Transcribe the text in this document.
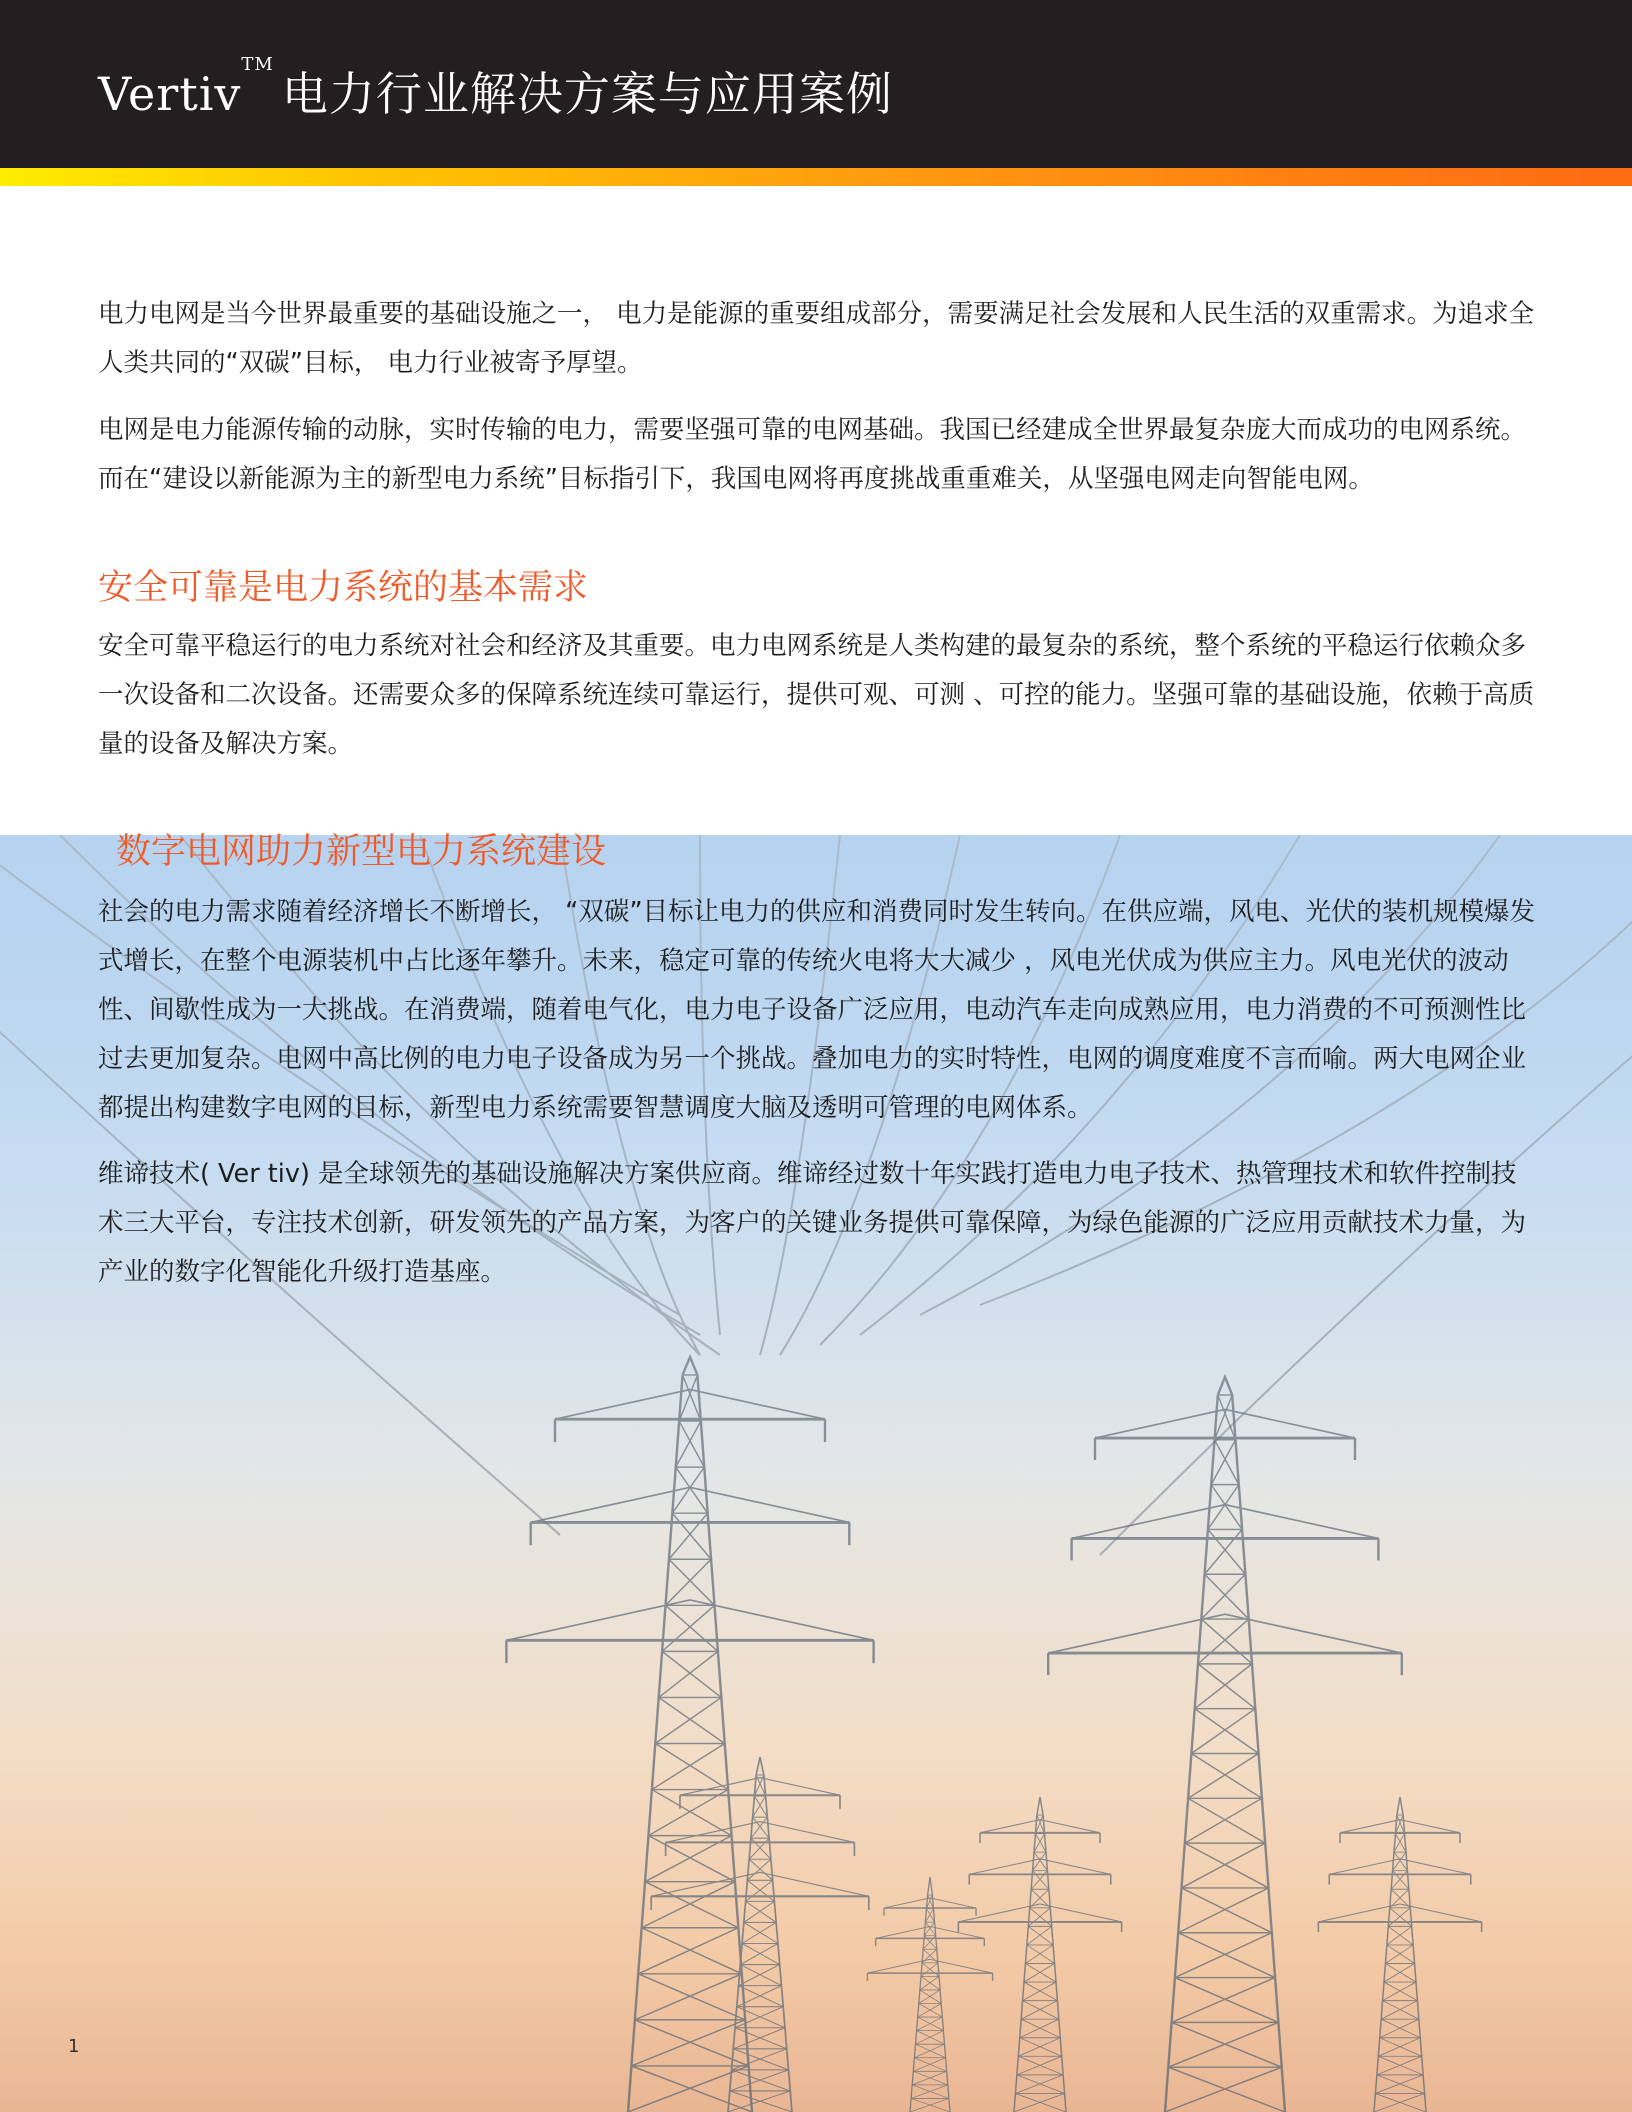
Vertiv™电力行业解决方案与应用案例

电力电网是当今世界最重要的基础设施之一， 电力是能源的重要组成部分，需要满足社会发展和人民生活的双重需求。为追求全人类共同的“双碳”目标， 电力行业被寄予厚望。

电网是电力能源传输的动脉，实时传输的电力，需要坚强可靠的电网基础。我国已经建成全世界最复杂庞大而成功的电网系统。而在“建设以新能源为主的新型电力系统”目标指引下，我国电网将再度挑战重重难关，从坚强电网走向智能电网。

安全可靠是电力系统的基本需求

安全可靠平稳运行的电力系统对社会和经济及其重要。电力电网系统是人类构建的最复杂的系统，整个系统的平稳运行依赖众多一次设备和二次设备。还需要众多的保障系统连续可靠运行，提供可观、可测 、可控的能力。坚强可靠的基础设施，依赖于高质量的设备及解决方案。

数字电网助力新型电力系统建设

社会的电力需求随着经济增长不断增长， “双碳”目标让电力的供应和消费同时发生转向。在供应端，风电、光伏的装机规模爆发式增长，在整个电源装机中占比逐年攀升。未来，稳定可靠的传统火电将大大减少 ，风电光伏成为供应主力。风电光伏的波动性、间歇性成为一大挑战。在消费端，随着电气化，电力电子设备广泛应用，电动汽车走向成熟应用，电力消费的不可预测性比过去更加复杂。电网中高比例的电力电子设备成为另一个挑战。叠加电力的实时特性，电网的调度难度不言而喻。两大电网企业都提出构建数字电网的目标，新型电力系统需要智慧调度大脑及透明可管理的电网体系。

维谛技术( Ver tiv) 是全球领先的基础设施解决方案供应商。维谛经过数十年实践打造电力电子技术、热管理技术和软件控制技术三大平台，专注技术创新，研发领先的产品方案，为客户的关键业务提供可靠保障，为绿色能源的广泛应用贡献技术力量，为产业的数字化智能化升级打造基座。

1
